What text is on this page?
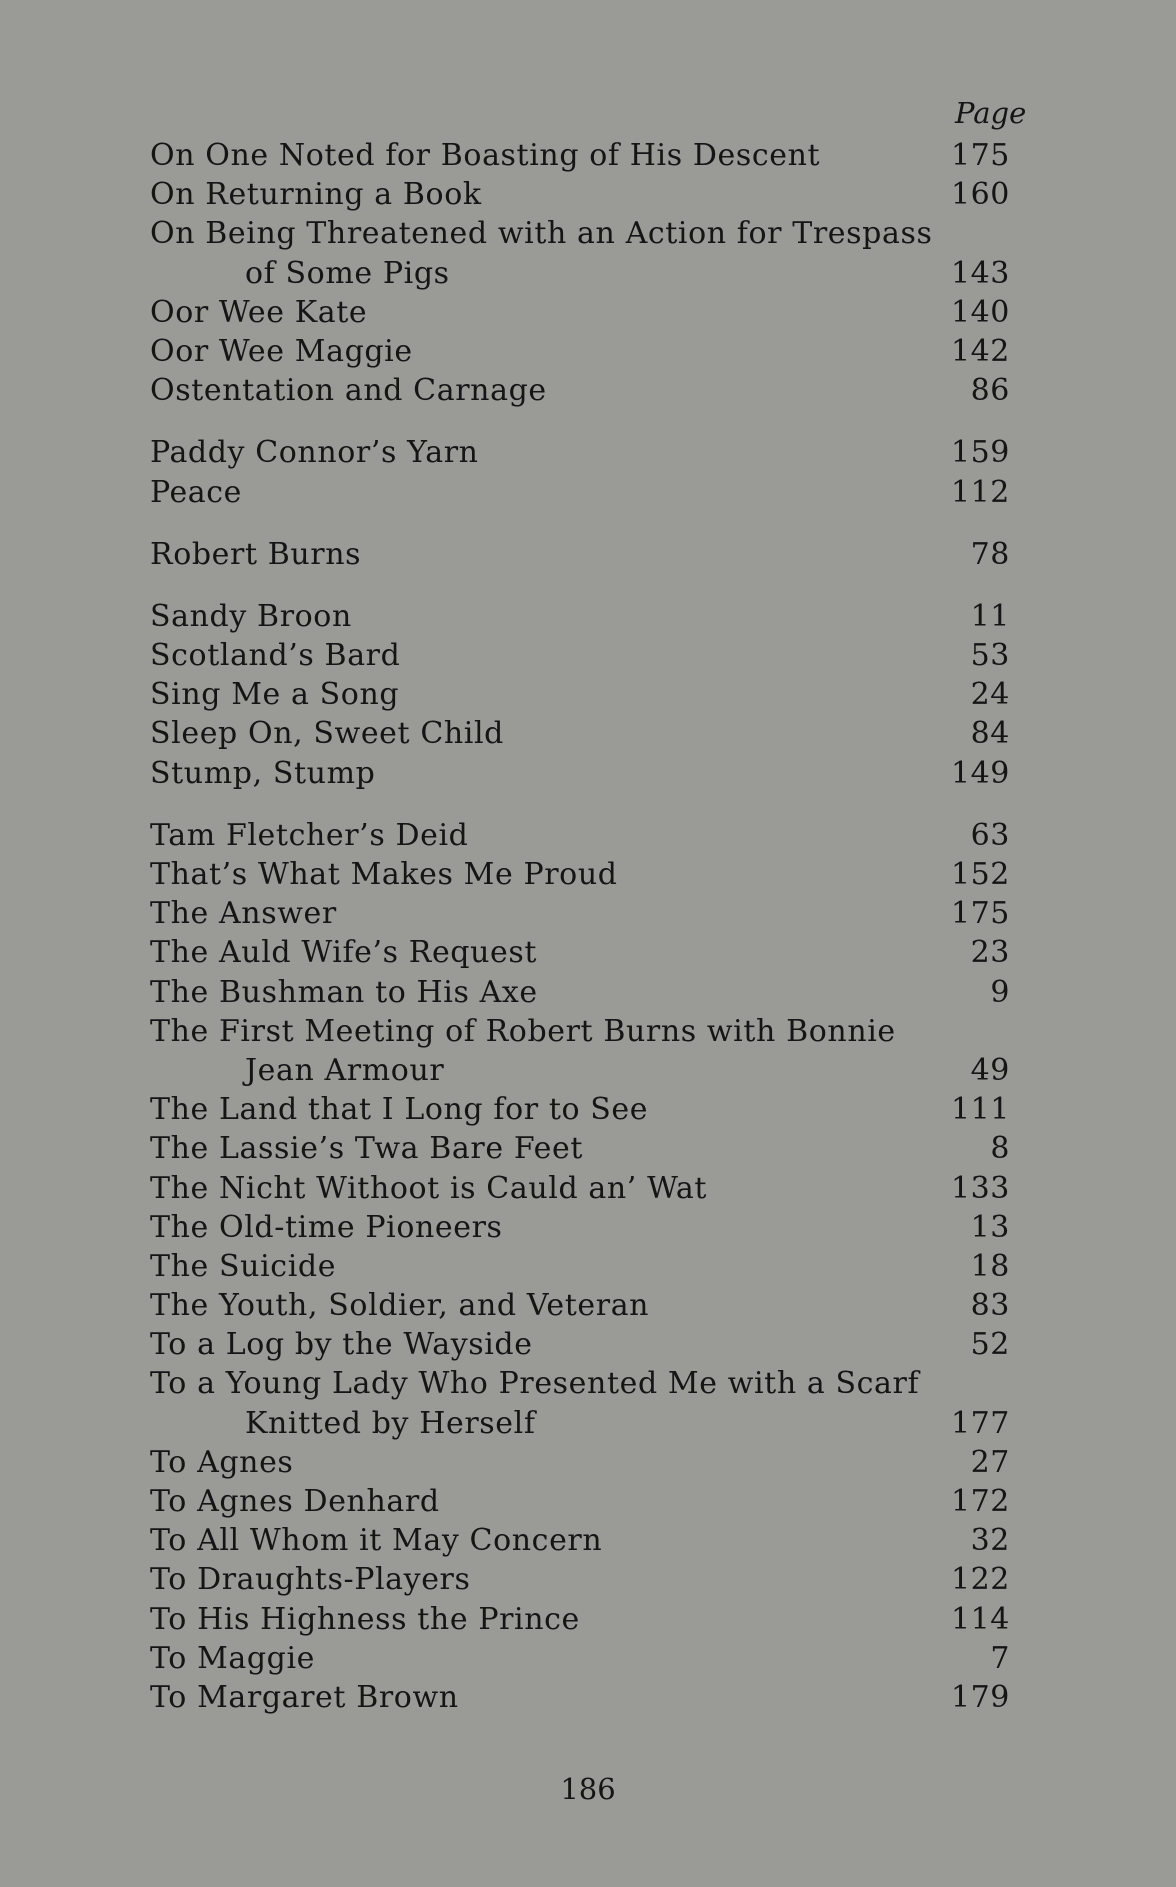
Page
On One Noted for Boasting of His Descent	175
On Returning a Book	160
On Being Threatened with an Action for Trespass
of Some Pigs	143
Oor Wee Kate	140
Oor Wee Maggie	142
Ostentation and Carnage	86
Paddy Connor’s Yarn	159
Peace	112
Robert Burns	78
Sandy Broon	11
Scotland’s Bard	53
Sing Me a Song	24
Sleep On, Sweet Child	84
Stump, Stump	149
Tam Fletcher’s Deid	63
That’s What Makes Me Proud	152
The Answer	175
The Auld Wife’s Request	23
The Bushman to His Axe	9
The First Meeting of Robert Burns with Bonnie
Jean Armour	49
The Land that I Long for to See	111
The Lassie’s Twa Bare Feet	8
The Nicht Withoot is Cauld an’ Wat	133
The Old-time Pioneers	13
The Suicide	18
The Youth, Soldier, and Veteran	83
To a Log by the Wayside	52
To a Young Lady Who Presented Me with a Scarf
Knitted by Herself	177
To Agnes	27
To Agnes Denhard	172
To All Whom it May Concern	32
To Draughts-Players	122
To His Highness the Prince	114
To Maggie	7
To Margaret Brown	179
186
